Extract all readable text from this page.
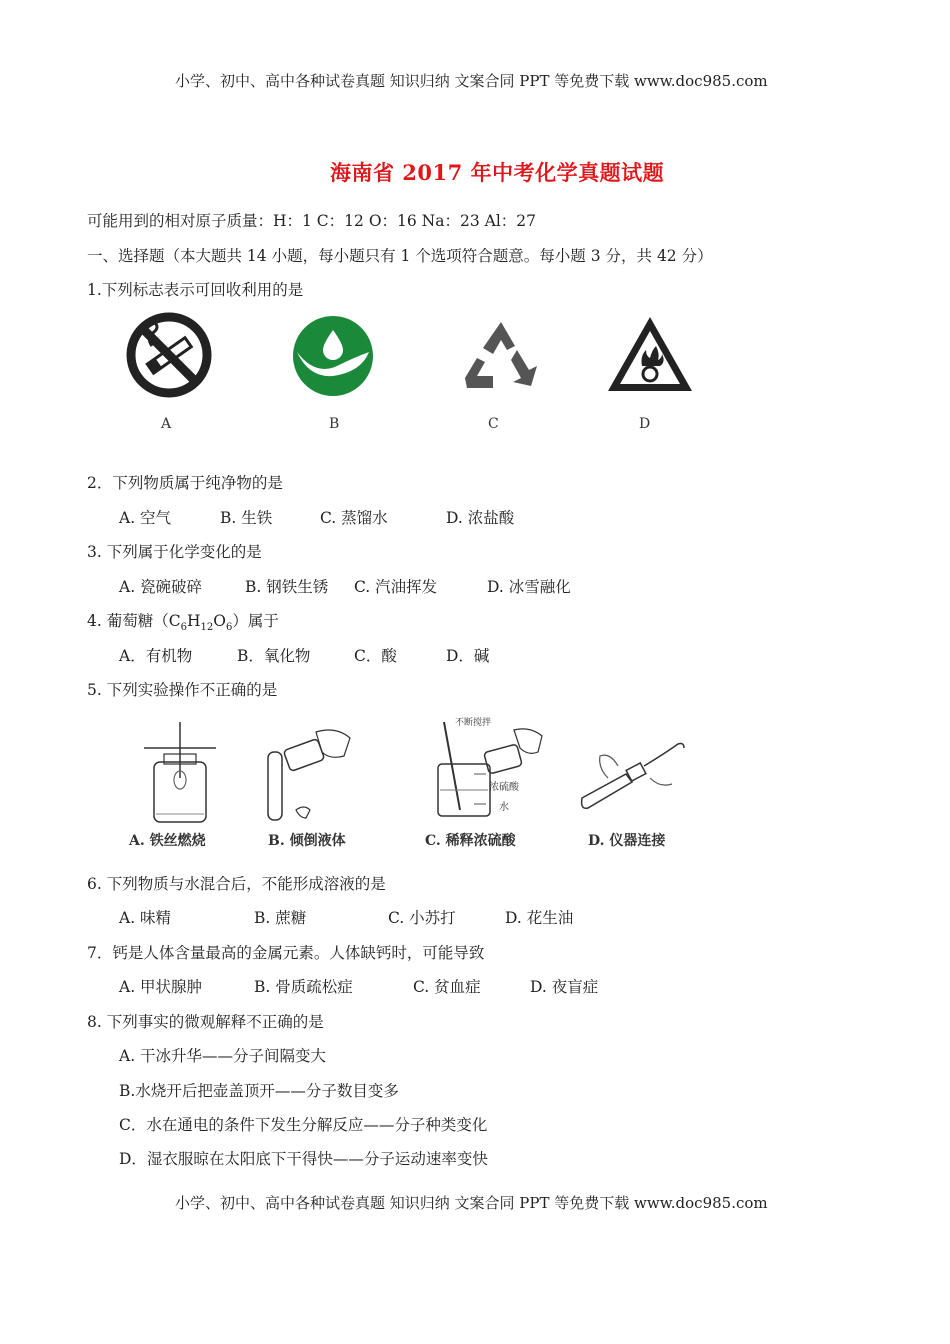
小学、初中、高中各种试卷真题 知识归纳 文案合同 PPT 等免费下载 www.doc985.com
海南省 2017 年中考化学真题试题
可能用到的相对原子质量：H：1 C：12 O：16 Na：23 Al：27
一、选择题（本大题共 14 小题，每小题只有 1 个选项符合题意。每小题 3 分，共 42 分）
1.下列标志表示可回收利用的是
A	B	C	D
2．下列物质属于纯净物的是
A. 空气	B. 生铁	C. 蒸馏水	D. 浓盐酸
3. 下列属于化学变化的是
A. 瓷碗破碎	B. 钢铁生锈 C. 汽油挥发	D. 冰雪融化
4. 葡萄糖$(C_6H_{12}O_6)$属于
A．有机物	B．氧化物	C．酸	D．碱
5. 下列实验操作不正确的是
不断搅拌
浓硫酸
水
A. 铁丝燃烧	B. 倾倒液体	C. 稀释浓硫酸	D. 仪器连接
6. 下列物质与水混合后，不能形成溶液的是
A. 味精	B. 蔗糖	C. 小苏打	D. 花生油
7．钙是人体含量最高的金属元素。人体缺钙时，可能导致
A. 甲状腺肿	B. 骨质疏松症	C. 贫血症	D. 夜盲症
8. 下列事实的微观解释不正确的是
A. 干冰升华——分子间隔变大
B.水烧开后把壶盖顶开——分子数目变多
C．水在通电的条件下发生分解反应——分子种类变化
D．湿衣服晾在太阳底下干得快——分子运动速率变快
小学、初中、高中各种试卷真题 知识归纳 文案合同 PPT 等免费下载 www.doc985.com
